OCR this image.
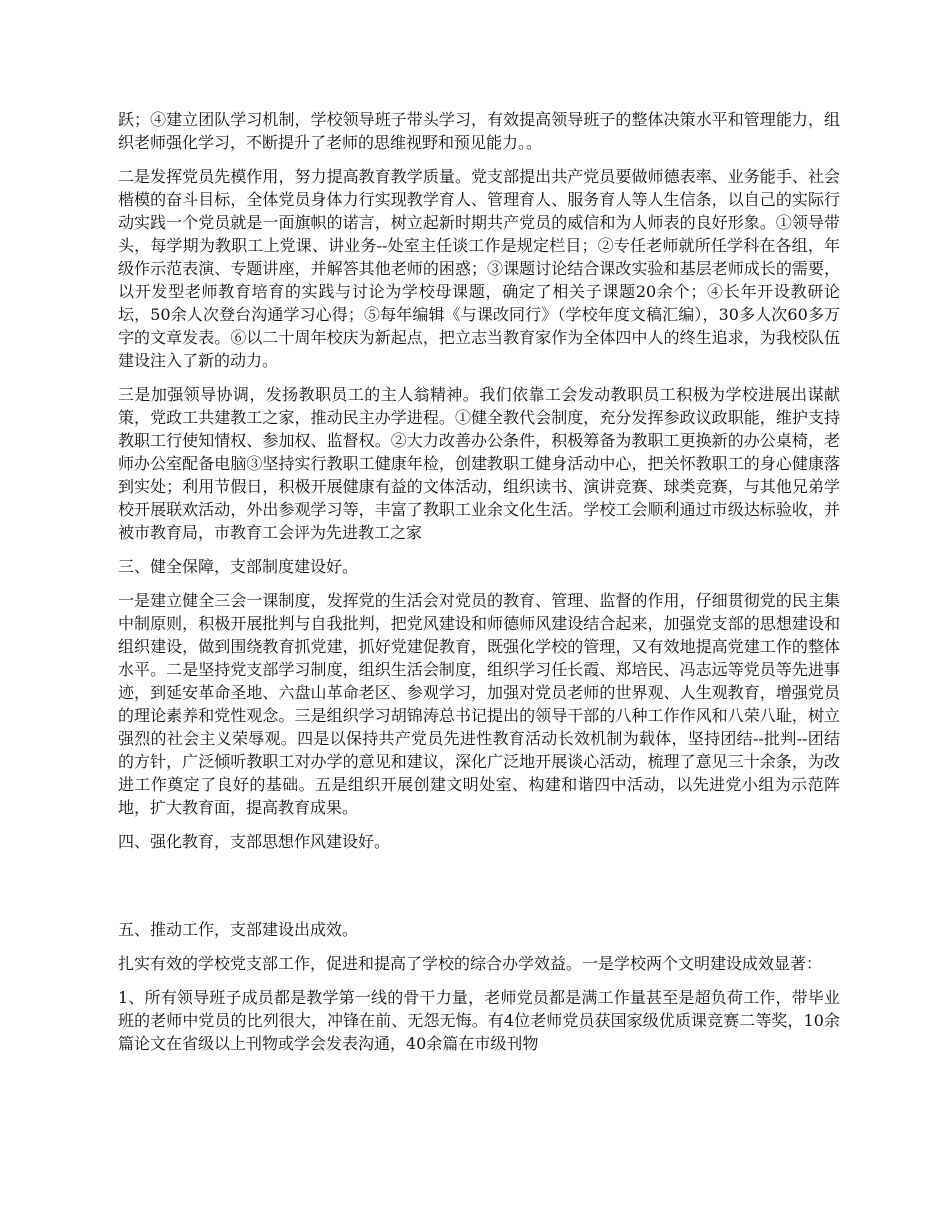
跃；④建立团队学习机制，学校领导班子带头学习，有效提高领导班子的整体决策水平和管理能力，组织老师强化学习，不断提升了老师的思维视野和预见能力。。

二是发挥党员先模作用，努力提高教育教学质量。党支部提出共产党员要做师德表率、业务能手、社会楷模的奋斗目标，全体党员身体力行实现教学育人、管理育人、服务育人等人生信条，以自己的实际行动实践一个党员就是一面旗帜的诺言，树立起新时期共产党员的威信和为人师表的良好形象。①领导带头，每学期为教职工上党课、讲业务--处室主任谈工作是规定栏目；②专任老师就所任学科在各组，年级作示范表演、专题讲座，并解答其他老师的困惑；③课题讨论结合课改实验和基层老师成长的需要，以开发型老师教育培育的实践与讨论为学校母课题，确定了相关子课题20余个；④长年开设教研论坛，50余人次登台沟通学习心得；⑤每年编辑《与课改同行》（学校年度文稿汇编），30多人次60多万字的文章发表。⑥以二十周年校庆为新起点，把立志当教育家作为全体四中人的终生追求，为我校队伍建设注入了新的动力。

三是加强领导协调，发扬教职员工的主人翁精神。我们依靠工会发动教职员工积极为学校进展出谋献策，党政工共建教工之家，推动民主办学进程。①健全教代会制度，充分发挥参政议政职能，维护支持教职工行使知情权、参加权、监督权。②大力改善办公条件，积极筹备为教职工更换新的办公桌椅，老师办公室配备电脑③坚持实行教职工健康年检，创建教职工健身活动中心，把关怀教职工的身心健康落到实处；利用节假日，积极开展健康有益的文体活动，组织读书、演讲竞赛、球类竞赛，与其他兄弟学校开展联欢活动，外出参观学习等，丰富了教职工业余文化生活。学校工会顺利通过市级达标验收，并被市教育局，市教育工会评为先进教工之家

三、健全保障，支部制度建设好。

一是建立健全三会一课制度，发挥党的生活会对党员的教育、管理、监督的作用，仔细贯彻党的民主集中制原则，积极开展批判与自我批判，把党风建设和师德师风建设结合起来，加强党支部的思想建设和组织建设，做到围绕教育抓党建，抓好党建促教育，既强化学校的管理，又有效地提高党建工作的整体水平。二是坚持党支部学习制度，组织生活会制度，组织学习任长霞、郑培民、冯志远等党员等先进事迹，到延安革命圣地、六盘山革命老区、参观学习，加强对党员老师的世界观、人生观教育，增强党员的理论素养和党性观念。三是组织学习胡锦涛总书记提出的领导干部的八种工作作风和八荣八耻，树立强烈的社会主义荣辱观。四是以保持共产党员先进性教育活动长效机制为载体，坚持团结--批判--团结的方针，广泛倾听教职工对办学的意见和建议，深化广泛地开展谈心活动，梳理了意见三十余条，为改进工作奠定了良好的基础。五是组织开展创建文明处室、构建和谐四中活动，以先进党小组为示范阵地，扩大教育面，提高教育成果。

四、强化教育，支部思想作风建设好。

五、推动工作，支部建设出成效。

扎实有效的学校党支部工作，促进和提高了学校的综合办学效益。一是学校两个文明建设成效显著：

1、所有领导班子成员都是教学第一线的骨干力量，老师党员都是满工作量甚至是超负荷工作，带毕业班的老师中党员的比列很大，冲锋在前、无怨无悔。有4位老师党员获国家级优质课竞赛二等奖，10余篇论文在省级以上刊物或学会发表沟通，40余篇在市级刊物
